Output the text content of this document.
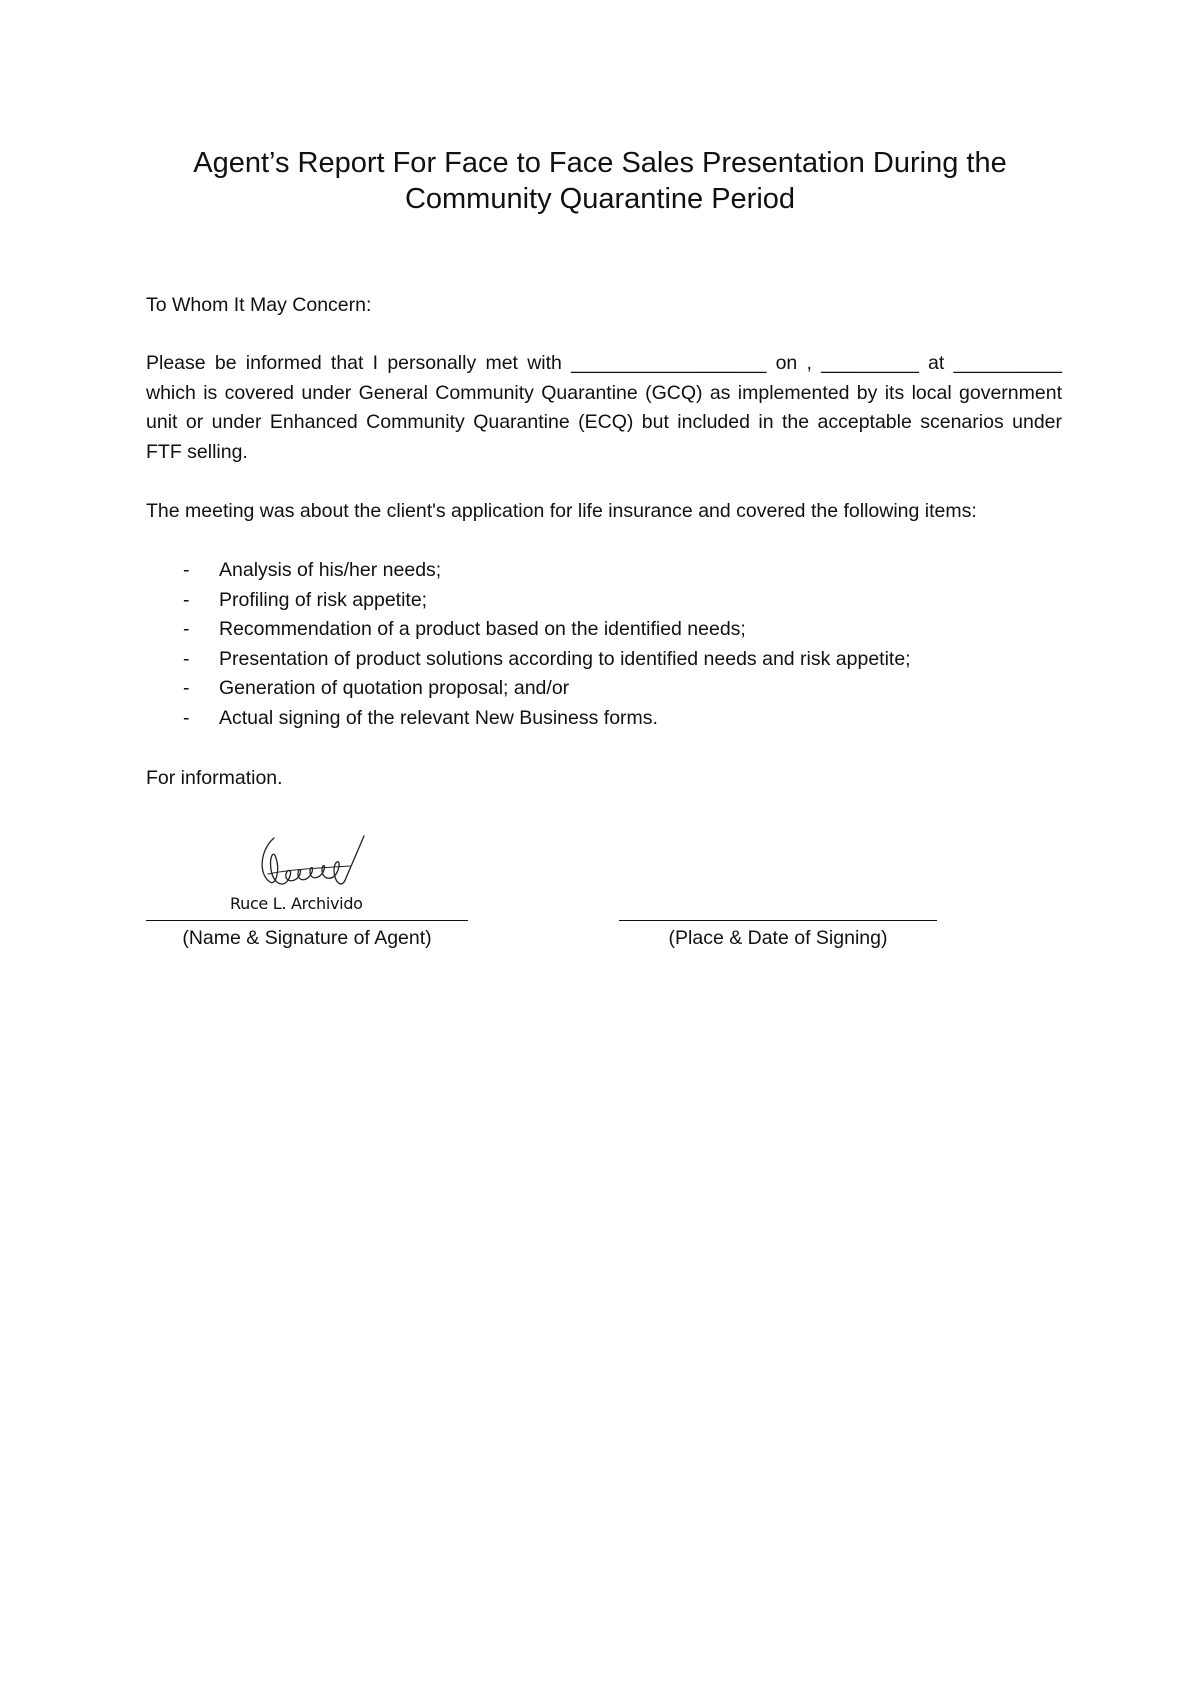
Agent’s Report For Face to Face Sales Presentation During the
Community Quarantine Period

To Whom It May Concern:

Please be informed that I personally met with __________________ on , _________ at __________ which is covered under General Community Quarantine (GCQ) as implemented by its local government unit or under Enhanced Community Quarantine (ECQ) but included in the acceptable scenarios under FTF selling.

The meeting was about the client's application for life insurance and covered the following items:

- Analysis of his/her needs;
- Profiling of risk appetite;
- Recommendation of a product based on the identified needs;
- Presentation of product solutions according to identified needs and risk appetite;
- Generation of quotation proposal; and/or
- Actual signing of the relevant New Business forms.

For information.

Ruce L. Archivido
(Name & Signature of Agent)	(Place & Date of Signing)
